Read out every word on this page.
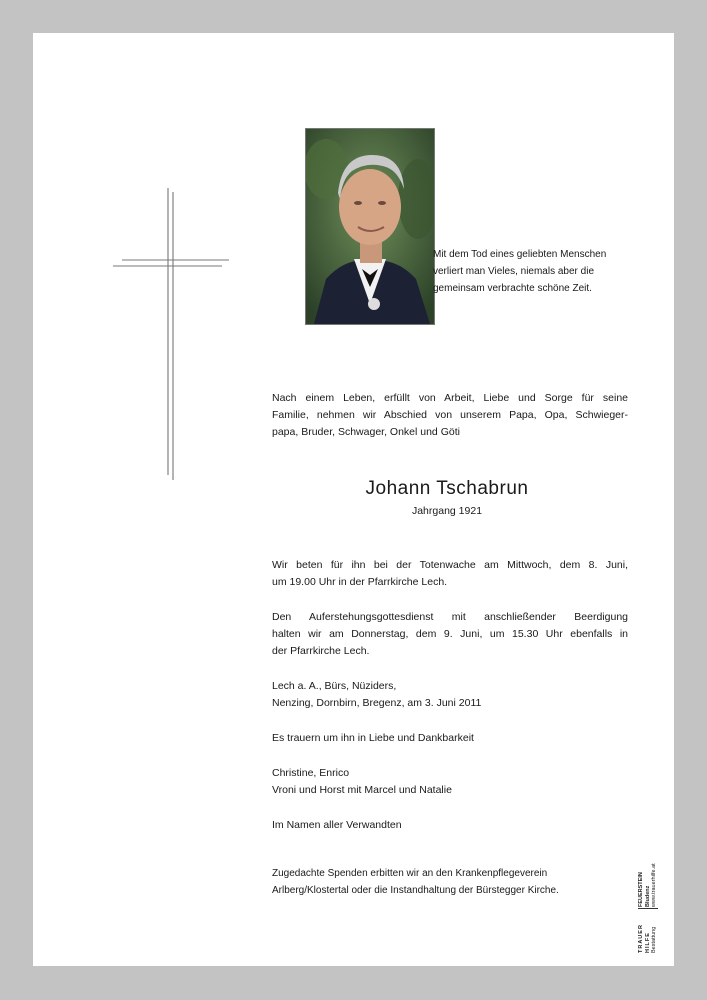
Mit dem Tod eines geliebten Menschen
verliert man Vieles, niemals aber die
gemeinsam verbrachte schöne Zeit.
Nach einem Leben, erfüllt von Arbeit, Liebe und Sorge für seine
Familie, nehmen wir Abschied von unserem Papa, Opa, Schwieger-
papa, Bruder, Schwager, Onkel und Göti
Johann Tschabrun
Jahrgang 1921
Wir beten für ihn bei der Totenwache am Mittwoch, dem 8. Juni,
um 19.00 Uhr in der Pfarrkirche Lech.
Den Auferstehungsgottesdienst mit anschließender Beerdigung
halten wir am Donnerstag, dem 9. Juni, um 15.30 Uhr ebenfalls in
der Pfarrkirche Lech.
Lech a. A., Bürs, Nüziders,
Nenzing, Dornbirn, Bregenz, am 3. Juni 2011
Es trauern um ihn in Liebe und Dankbarkeit
Christine, Enrico
Vroni und Horst mit Marcel und Natalie
Im Namen aller Verwandten
Zugedachte Spenden erbitten wir an den Krankenpflegeverein
Arlberg/Klostertal oder die Instandhaltung der Bürstegger Kirche.
TRAUER HILFE Bestattung
FEUERSTEIN Bludenz www.trauerhilfe.at
